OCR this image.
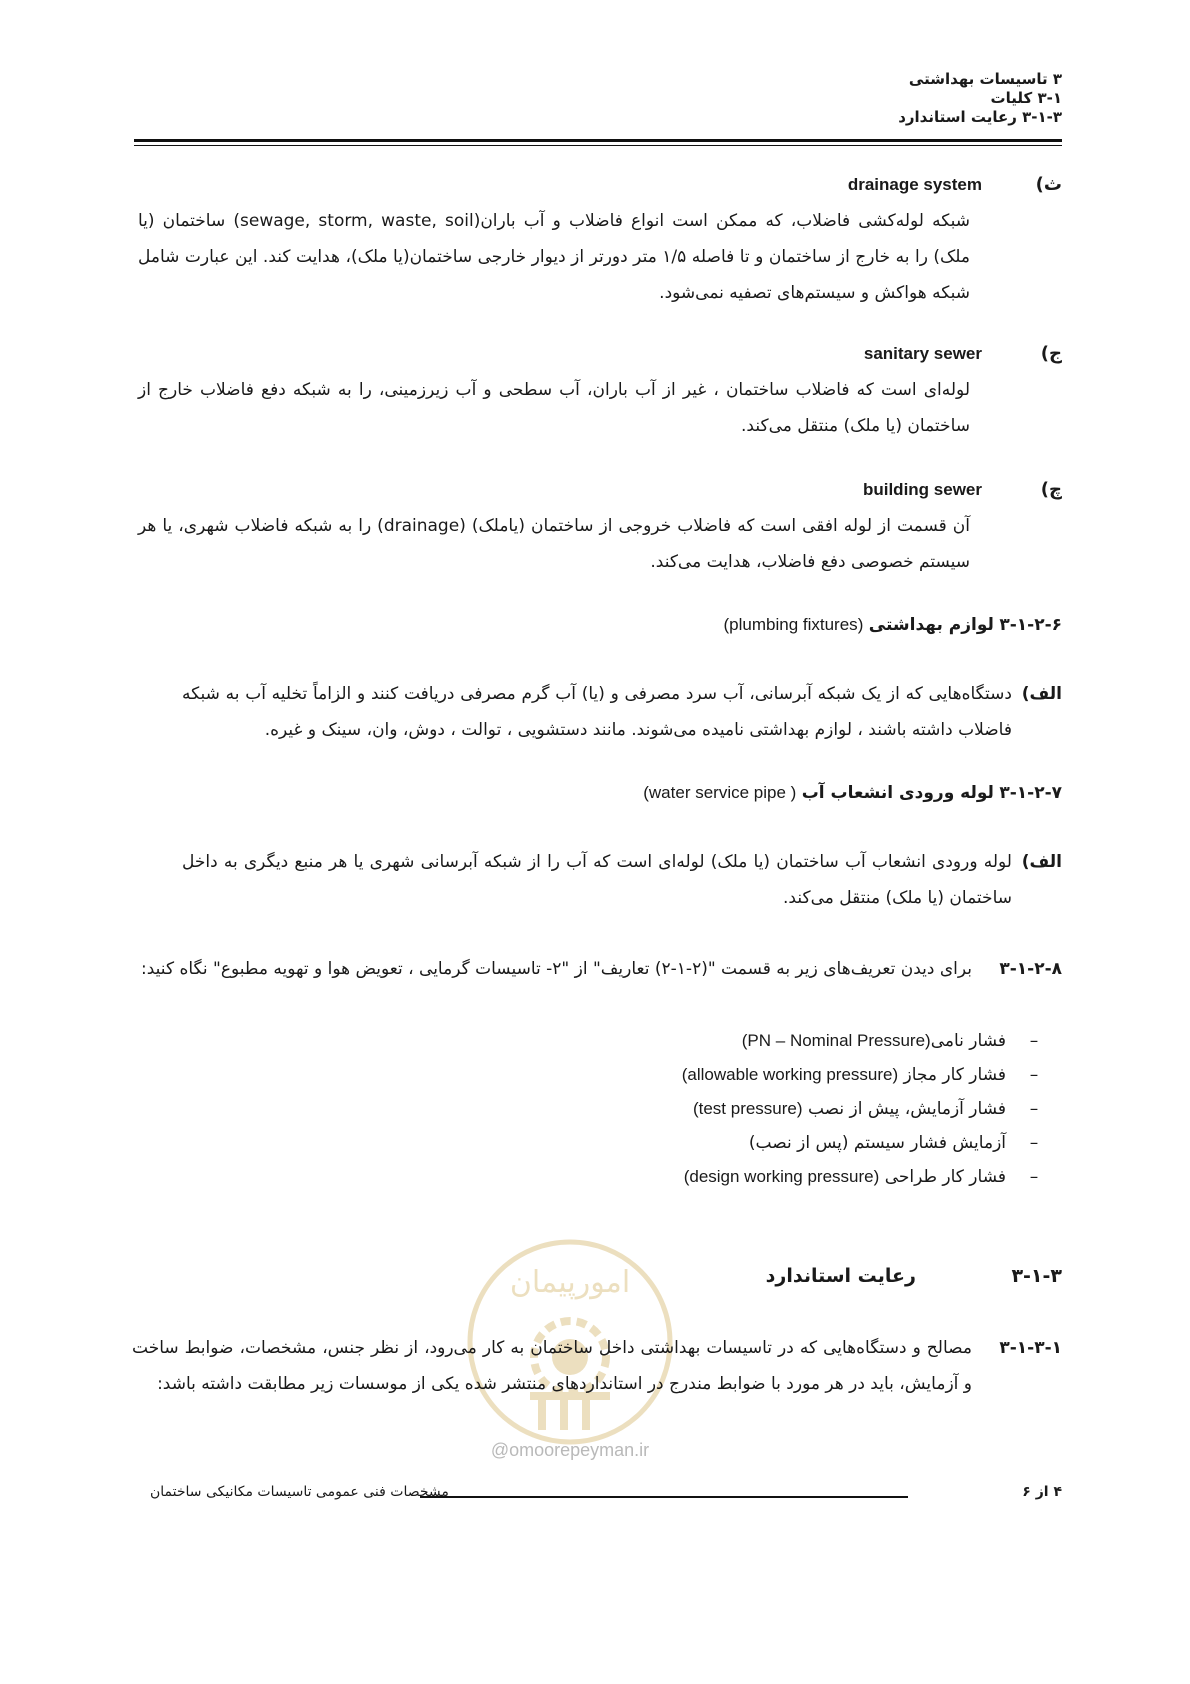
۳ تاسیسات بهداشتی
۳-۱ کلیات
۳-۱-۳ رعایت استاندارد
ث)
drainage system
شبکه لوله‌کشی فاضلاب، که ممکن است انواع فاضلاب و آب باران(sewage, storm, waste, soil) ساختمان (یا ملک) را به خارج از ساختمان و تا فاصله ۱/۵ متر دورتر از دیوار خارجی ساختمان(یا ملک)، هدایت کند. این عبارت شامل شبکه هواکش و سیستم‌های تصفیه نمی‌شود.
ج)
sanitary sewer
لوله‌ای است که فاضلاب ساختمان ، غیر از آب باران، آب سطحی و آب زیرزمینی، را به شبکه دفع فاضلاب خارج از ساختمان (یا ملک) منتقل می‌کند.
چ)
building sewer
آن قسمت از لوله افقی است که فاضلاب خروجی از ساختمان (یاملک) (drainage) را به شبکه فاضلاب شهری، یا هر سیستم خصوصی دفع فاضلاب، هدایت می‌کند.
۳-۱-۲-۶ لوازم بهداشتی (plumbing fixtures)
الف)
دستگاه‌هایی که از یک شبکه آبرسانی، آب سرد مصرفی و (یا) آب گرم مصرفی دریافت کنند و الزاماً تخلیه آب به شبکه فاضلاب داشته باشند ، لوازم بهداشتی نامیده می‌شوند. مانند دستشویی ، توالت ، دوش، وان، سینک و غیره.
۳-۱-۲-۷ لوله ورودی انشعاب آب ( water service pipe)
الف)
لوله ورودی انشعاب آب ساختمان (یا ملک) لوله‌ای است که آب را از شبکه آبرسانی شهری یا هر منبع دیگری به داخل ساختمان (یا ملک) منتقل می‌کند.
۳-۱-۲-۸
برای دیدن تعریف‌های زیر به قسمت "(۲-۱-۲) تعاریف" از "۲- تاسیسات گرمایی ، تعویض هوا و تهویه مطبوع" نگاه کنید:
–
فشار نامی
(PN – Nominal Pressure)
–
فشار کار مجاز

(allowable working pressure)
–
فشار آزمایش، پیش از نصب

(test pressure)
–
آزمایش فشار سیستم (پس از نصب)
–
فشار کار طراحی

(design working pressure)
۳-۱-۳ رعایت استاندارد
امورپیمان
@omoorepeyman.ir
۳-۱-۳-۱
مصالح و دستگاه‌هایی که در تاسیسات بهداشتی داخل ساختمان به کار می‌رود، از نظر جنس، مشخصات، ضوابط ساخت و آزمایش، باید در هر مورد با ضوابط مندرج در استانداردهای منتشر شده یکی از موسسات زیر مطابقت داشته باشد:
۴ از ۶
مشخصات فنی عمومی تاسیسات مکانیکی ساختمان
